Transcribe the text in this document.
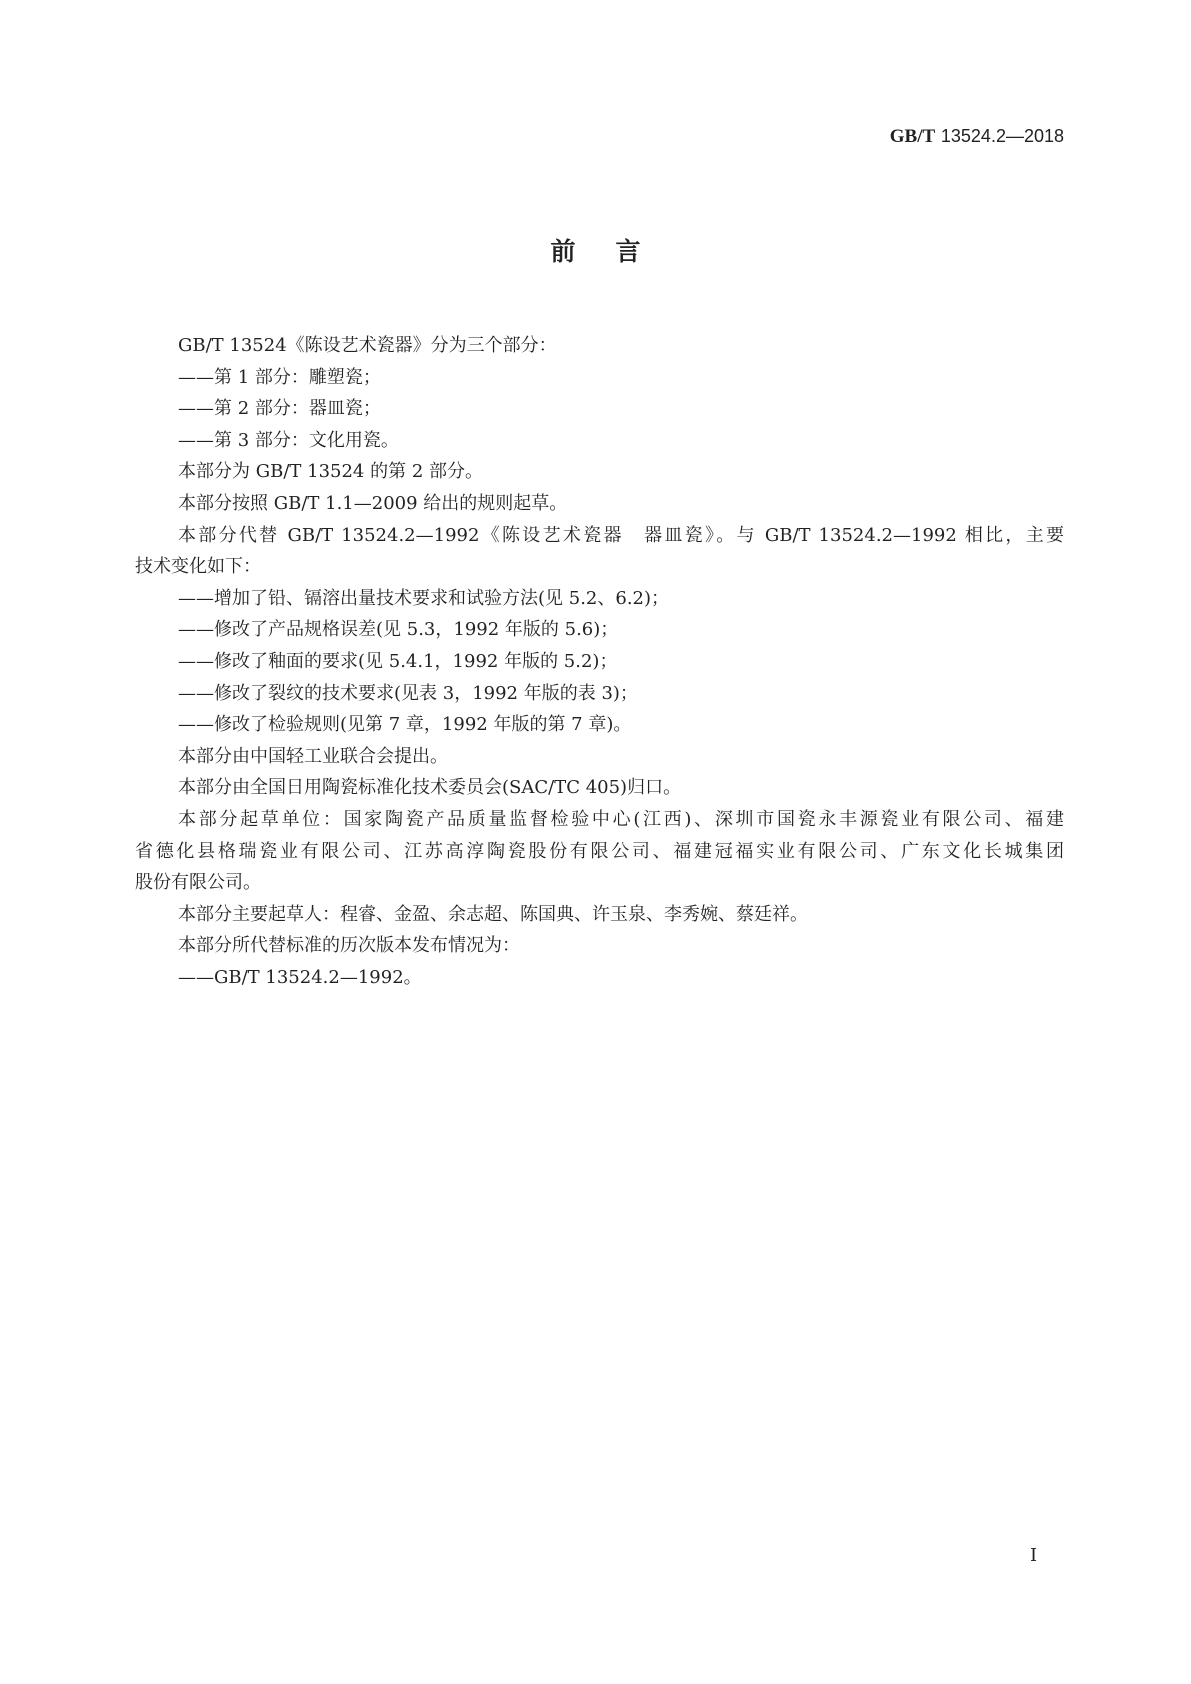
GB/T 13524.2—2018
前言
GB/T 13524《陈设艺术瓷器》分为三个部分：
——第 1 部分：雕塑瓷；
——第 2 部分：器皿瓷；
——第 3 部分：文化用瓷。
本部分为 GB/T 13524 的第 2 部分。
本部分按照 GB/T 1.1—2009 给出的规则起草。
本部分代替 GB/T 13524.2—1992《陈设艺术瓷器　器皿瓷》。与 GB/T 13524.2—1992 相比，主要
技术变化如下：
——增加了铅、镉溶出量技术要求和试验方法(见 5.2、6.2)；
——修改了产品规格误差(见 5.3，1992 年版的 5.6)；
——修改了釉面的要求(见 5.4.1，1992 年版的 5.2)；
——修改了裂纹的技术要求(见表 3，1992 年版的表 3)；
——修改了检验规则(见第 7 章，1992 年版的第 7 章)。
本部分由中国轻工业联合会提出。
本部分由全国日用陶瓷标准化技术委员会(SAC/TC 405)归口。
本部分起草单位：国家陶瓷产品质量监督检验中心(江西)、深圳市国瓷永丰源瓷业有限公司、福建
省德化县格瑞瓷业有限公司、江苏高淳陶瓷股份有限公司、福建冠福实业有限公司、广东文化长城集团
股份有限公司。
本部分主要起草人：程睿、金盈、余志超、陈国典、许玉泉、李秀婉、蔡廷祥。
本部分所代替标准的历次版本发布情况为：
——GB/T 13524.2—1992。
I
